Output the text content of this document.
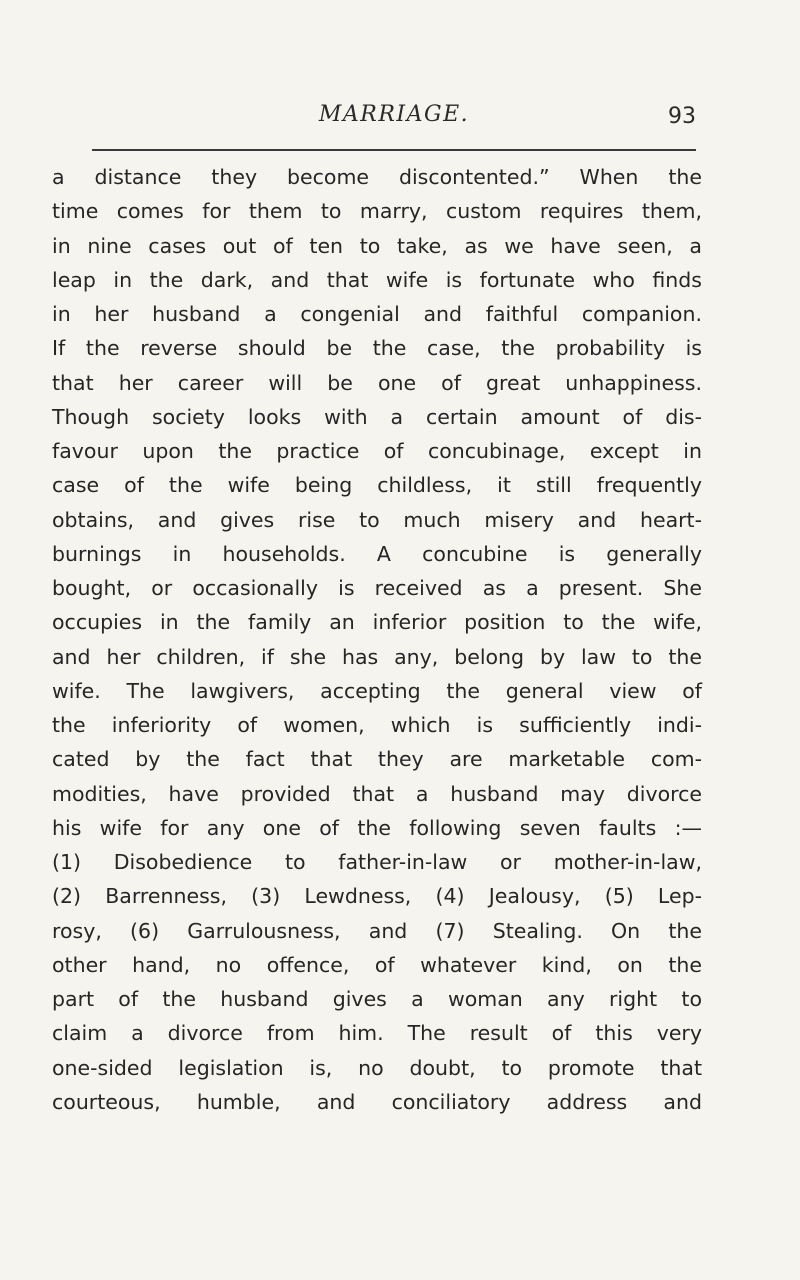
MARRIAGE.	93
a distance they become discontented.” When the
time comes for them to marry, custom requires them,
in nine cases out of ten to take, as we have seen, a
leap in the dark, and that wife is fortunate who finds
in her husband a congenial and faithful companion.
If the reverse should be the case, the probability is
that her career will be one of great unhappiness.
Though society looks with a certain amount of dis-
favour upon the practice of concubinage, except in
case of the wife being childless, it still frequently
obtains, and gives rise to much misery and heart-
burnings in households. A concubine is generally
bought, or occasionally is received as a present. She
occupies in the family an inferior position to the wife,
and her children, if she has any, belong by law to the
wife. The lawgivers, accepting the general view of
the inferiority of women, which is sufficiently indi-
cated by the fact that they are marketable com-
modities, have provided that a husband may divorce
his wife for any one of the following seven faults :—
(1) Disobedience to father-in-law or mother-in-law,
(2) Barrenness, (3) Lewdness, (4) Jealousy, (5) Lep-
rosy, (6) Garrulousness, and (7) Stealing. On the
other hand, no offence, of whatever kind, on the
part of the husband gives a woman any right to
claim a divorce from him. The result of this very
one-sided legislation is, no doubt, to promote that
courteous, humble, and conciliatory address and
